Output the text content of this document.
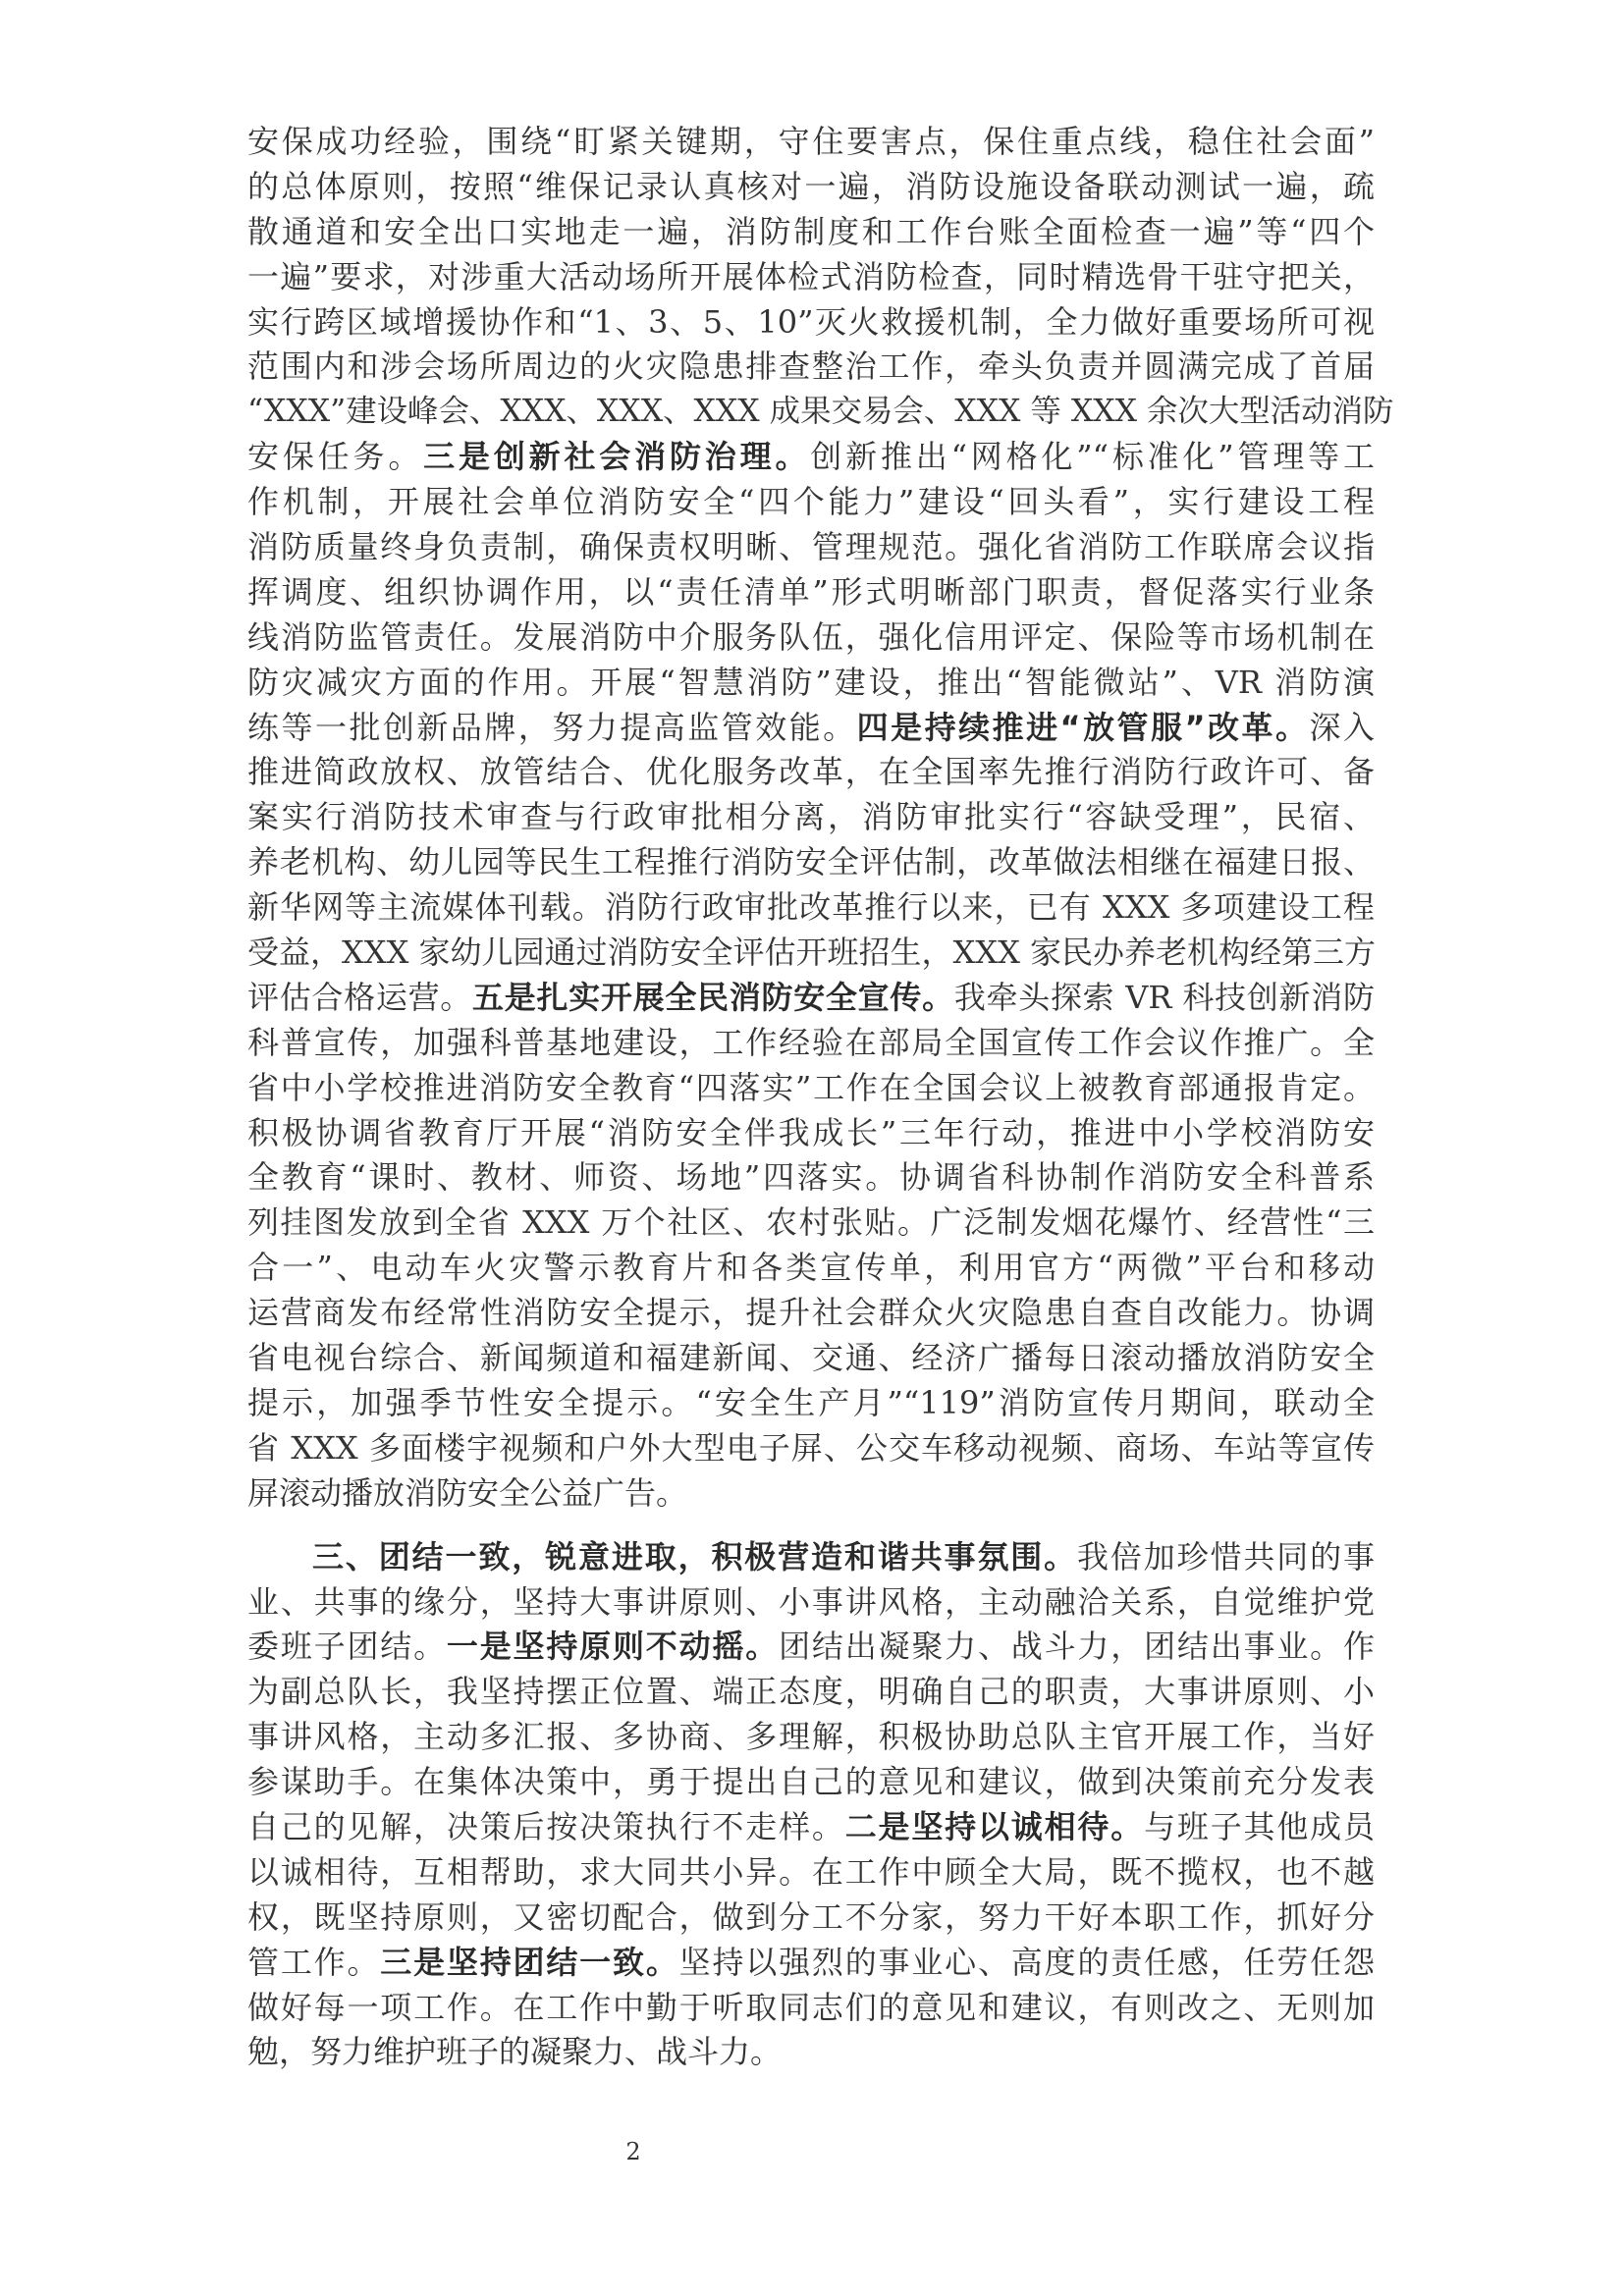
安保成功经验，围绕“盯紧关键期，守住要害点，保住重点线，稳住社会面”
的总体原则，按照“维保记录认真核对一遍，消防设施设备联动测试一遍，疏
散通道和安全出口实地走一遍，消防制度和工作台账全面检查一遍”等“四个
一遍”要求，对涉重大活动场所开展体检式消防检查，同时精选骨干驻守把关，
实行跨区域增援协作和“1、3、5、10”灭火救援机制，全力做好重要场所可视
范围内和涉会场所周边的火灾隐患排查整治工作，牵头负责并圆满完成了首届
“XXX”建设峰会、XXX、XXX、XXX 成果交易会、XXX 等 XXX 余次大型活动消防
安保任务。三是创新社会消防治理。创新推出“网格化”“标准化”管理等工
作机制，开展社会单位消防安全“四个能力”建设“回头看”，实行建设工程
消防质量终身负责制，确保责权明晰、管理规范。强化省消防工作联席会议指
挥调度、组织协调作用，以“责任清单”形式明晰部门职责，督促落实行业条
线消防监管责任。发展消防中介服务队伍，强化信用评定、保险等市场机制在
防灾减灾方面的作用。开展“智慧消防”建设，推出“智能微站”、VR 消防演
练等一批创新品牌，努力提高监管效能。四是持续推进“放管服”改革。深入
推进简政放权、放管结合、优化服务改革，在全国率先推行消防行政许可、备
案实行消防技术审查与行政审批相分离，消防审批实行“容缺受理”，民宿、
养老机构、幼儿园等民生工程推行消防安全评估制，改革做法相继在福建日报、
新华网等主流媒体刊载。消防行政审批改革推行以来，已有 XXX 多项建设工程
受益，XXX 家幼儿园通过消防安全评估开班招生，XXX 家民办养老机构经第三方
评估合格运营。五是扎实开展全民消防安全宣传。我牵头探索 VR 科技创新消防
科普宣传，加强科普基地建设，工作经验在部局全国宣传工作会议作推广。全
省中小学校推进消防安全教育“四落实”工作在全国会议上被教育部通报肯定。
积极协调省教育厅开展“消防安全伴我成长”三年行动，推进中小学校消防安
全教育“课时、教材、师资、场地”四落实。协调省科协制作消防安全科普系
列挂图发放到全省 XXX 万个社区、农村张贴。广泛制发烟花爆竹、经营性“三
合一”、电动车火灾警示教育片和各类宣传单，利用官方“两微”平台和移动
运营商发布经常性消防安全提示，提升社会群众火灾隐患自查自改能力。协调
省电视台综合、新闻频道和福建新闻、交通、经济广播每日滚动播放消防安全
提示，加强季节性安全提示。“安全生产月”“119”消防宣传月期间，联动全
省 XXX 多面楼宇视频和户外大型电子屏、公交车移动视频、商场、车站等宣传
屏滚动播放消防安全公益广告。
三、团结一致，锐意进取，积极营造和谐共事氛围。我倍加珍惜共同的事
业、共事的缘分，坚持大事讲原则、小事讲风格，主动融洽关系，自觉维护党
委班子团结。一是坚持原则不动摇。团结出凝聚力、战斗力，团结出事业。作
为副总队长，我坚持摆正位置、端正态度，明确自己的职责，大事讲原则、小
事讲风格，主动多汇报、多协商、多理解，积极协助总队主官开展工作，当好
参谋助手。在集体决策中，勇于提出自己的意见和建议，做到决策前充分发表
自己的见解，决策后按决策执行不走样。二是坚持以诚相待。与班子其他成员
以诚相待，互相帮助，求大同共小异。在工作中顾全大局，既不揽权，也不越
权，既坚持原则，又密切配合，做到分工不分家，努力干好本职工作，抓好分
管工作。三是坚持团结一致。坚持以强烈的事业心、高度的责任感，任劳任怨
做好每一项工作。在工作中勤于听取同志们的意见和建议，有则改之、无则加
勉，努力维护班子的凝聚力、战斗力。
2
